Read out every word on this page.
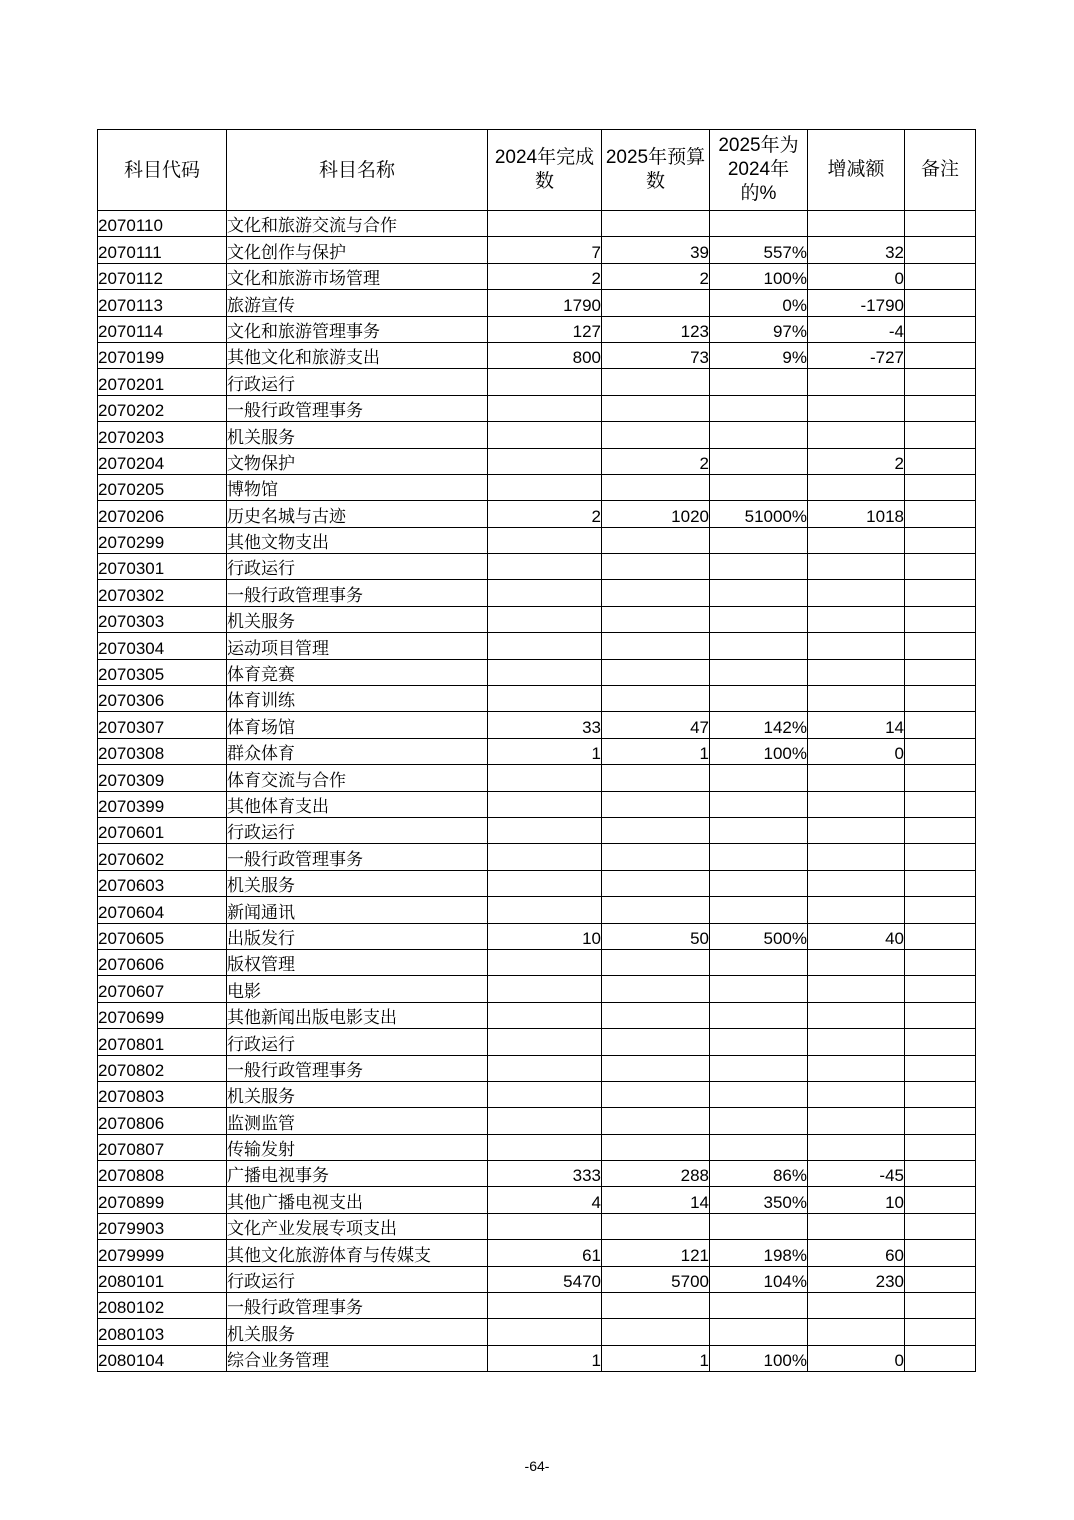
科目代码	科目名称	2024年完成数	2025年预算数	2025年为2024年的%	增减额	备注
2070110	文化和旅游交流与合作					
2070111	文化创作与保护	7	39	557%	32	
2070112	文化和旅游市场管理	2	2	100%	0	
2070113	旅游宣传	1790		0%	-1790	
2070114	文化和旅游管理事务	127	123	97%	-4	
2070199	其他文化和旅游支出	800	73	9%	-727	
2070201	行政运行					
2070202	一般行政管理事务					
2070203	机关服务					
2070204	文物保护		2		2	
2070205	博物馆					
2070206	历史名城与古迹	2	1020	51000%	1018	
2070299	其他文物支出					
2070301	行政运行					
2070302	一般行政管理事务					
2070303	机关服务					
2070304	运动项目管理					
2070305	体育竞赛					
2070306	体育训练					
2070307	体育场馆	33	47	142%	14	
2070308	群众体育	1	1	100%	0	
2070309	体育交流与合作					
2070399	其他体育支出					
2070601	行政运行					
2070602	一般行政管理事务					
2070603	机关服务					
2070604	新闻通讯					
2070605	出版发行	10	50	500%	40	
2070606	版权管理					
2070607	电影					
2070699	其他新闻出版电影支出					
2070801	行政运行					
2070802	一般行政管理事务					
2070803	机关服务					
2070806	监测监管					
2070807	传输发射					
2070808	广播电视事务	333	288	86%	-45	
2070899	其他广播电视支出	4	14	350%	10	
2079903	文化产业发展专项支出					
2079999	其他文化旅游体育与传媒支	61	121	198%	60	
2080101	行政运行	5470	5700	104%	230	
2080102	一般行政管理事务					
2080103	机关服务					
2080104	综合业务管理	1	1	100%	0	
-64-
